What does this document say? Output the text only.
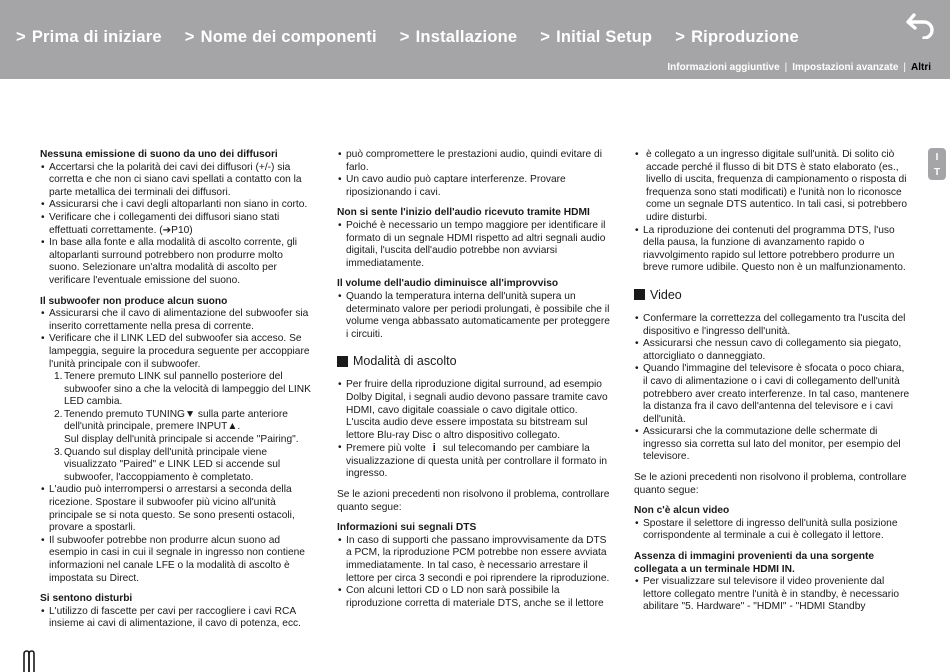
> Prima di iniziare > Nome dei componenti > Installazione > Initial Setup > Riproduzione
Informazioni aggiuntive | Impostazioni avanzate | Altri
I
T

Nessuna emissione di suono da uno dei diffusori

• Accertarsi che la polarità dei cavi dei diffusori (+/-) sia corretta e che non ci siano cavi spellati a contatto con la parte metallica dei terminali dei diffusori.

• Assicurarsi che i cavi degli altoparlanti non siano in corto.

• Verificare che i collegamenti dei diffusori siano stati effettuati correttamente. (➔P10)

• In base alla fonte e alla modalità di ascolto corrente, gli altoparlanti surround potrebbero non produrre molto suono. Selezionare un'altra modalità di ascolto per verificare l'eventuale emissione del suono.

Il subwoofer non produce alcun suono

• Assicurarsi che il cavo di alimentazione del subwoofer sia inserito correttamente nella presa di corrente.

• Verificare che il LINK LED del subwoofer sia acceso. Se lampeggia, seguire la procedura seguente per accoppiare l'unità principale con il subwoofer.

1. Tenere premuto LINK sul pannello posteriore del subwoofer sino a che la velocità di lampeggio del LINK LED cambia.

2. Tenendo premuto TUNING▼ sulla parte anteriore dell'unità principale, premere INPUT▲.

Sul display dell'unità principale si accende "Pairing".

3. Quando sul display dell'unità principale viene visualizzato "Paired" e LINK LED si accende sul subwoofer, l'accoppiamento è completato.

• L'audio può interrompersi o arrestarsi a seconda della ricezione. Spostare il subwoofer più vicino all'unità principale se si nota questo. Se sono presenti ostacoli, provare a spostarli.

• Il subwoofer potrebbe non produrre alcun suono ad esempio in casi in cui il segnale in ingresso non contiene informazioni nel canale LFE o la modalità di ascolto è impostata su Direct.

Si sentono disturbi

• L'utilizzo di fascette per cavi per raccogliere i cavi RCA insieme ai cavi di alimentazione, il cavo di potenza, ecc.

• può compromettere le prestazioni audio, quindi evitare di farlo.

• Un cavo audio può captare interferenze. Provare riposizionando i cavi.

Non si sente l'inizio dell'audio ricevuto tramite HDMI

• Poiché è necessario un tempo maggiore per identificare il formato di un segnale HDMI rispetto ad altri segnali audio digitali, l'uscita dell'audio potrebbe non avviarsi immediatamente.

Il volume dell'audio diminuisce all'improvviso

• Quando la temperatura interna dell'unità supera un determinato valore per periodi prolungati, è possibile che il volume venga abbassato automaticamente per proteggere i circuiti.

Modalità di ascolto

• Per fruire della riproduzione digital surround, ad esempio Dolby Digital, i segnali audio devono passare tramite cavo HDMI, cavo digitale coassiale o cavo digitale ottico. L'uscita audio deve essere impostata su bitstream sul lettore Blu-ray Disc o altro dispositivo collegato.

• Premere più volte i sul telecomando per cambiare la visualizzazione di questa unità per controllare il formato in ingresso.

Se le azioni precedenti non risolvono il problema, controllare quanto segue:

Informazioni sui segnali DTS

• In caso di supporti che passano improvvisamente da DTS a PCM, la riproduzione PCM potrebbe non essere avviata immediatamente. In tal caso, è necessario arrestare il lettore per circa 3 secondi e poi riprendere la riproduzione.

• Con alcuni lettori CD o LD non sarà possibile la riproduzione corretta di materiale DTS, anche se il lettore

• è collegato a un ingresso digitale sull'unità. Di solito ciò accade perché il flusso di bit DTS è stato elaborato (es., livello di uscita, frequenza di campionamento o risposta di frequenza sono stati modificati) e l'unità non lo riconosce come un segnale DTS autentico. In tali casi, si potrebbero udire disturbi.

• La riproduzione dei contenuti del programma DTS, l'uso della pausa, la funzione di avanzamento rapido o riavvolgimento rapido sul lettore potrebbero produrre un breve rumore udibile. Questo non è un malfunzionamento.

Video

• Confermare la correttezza del collegamento tra l'uscita del dispositivo e l'ingresso dell'unità.

• Assicurarsi che nessun cavo di collegamento sia piegato, attorcigliato o danneggiato.

• Quando l'immagine del televisore è sfocata o poco chiara, il cavo di alimentazione o i cavi di collegamento dell'unità potrebbero aver creato interferenze. In tal caso, mantenere la distanza fra il cavo dell'antenna del televisore e i cavi dell'unità.

• Assicurarsi che la commutazione delle schermate di ingresso sia corretta sul lato del monitor, per esempio del televisore.

Se le azioni precedenti non risolvono il problema, controllare quanto segue:

Non c'è alcun video

• Spostare il selettore di ingresso dell'unità sulla posizione corrispondente al terminale a cui è collegato il lettore.

Assenza di immagini provenienti da una sorgente collegata a un terminale HDMI IN.

• Per visualizzare sul televisore il video proveniente dal lettore collegato mentre l'unità è in standby, è necessario abilitare "5. Hardware" - "HDMI" - "HDMI Standby
